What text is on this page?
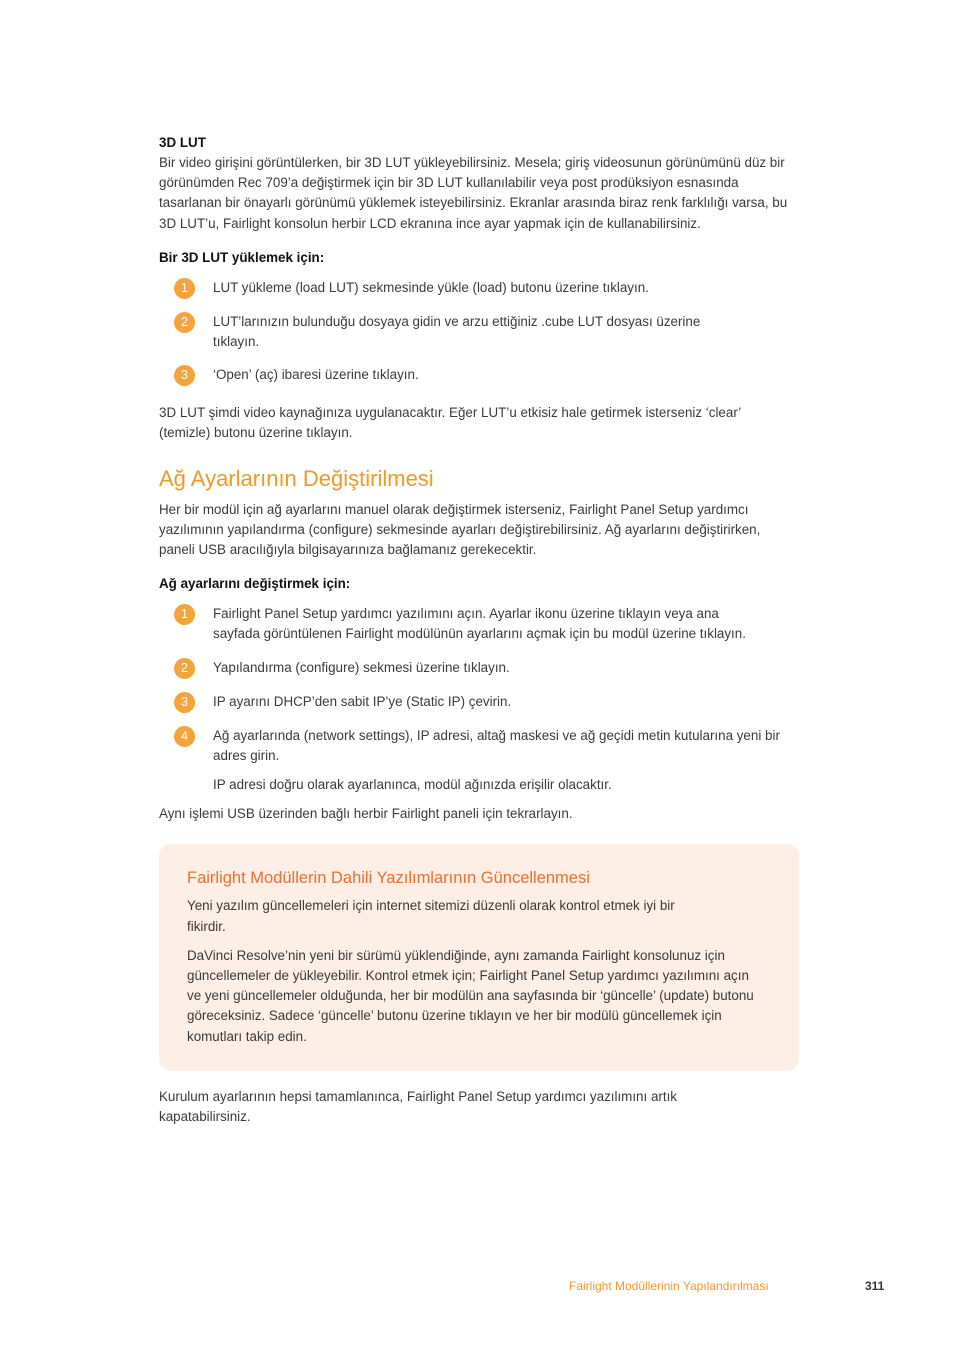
3D LUT

Bir video girişini görüntülerken, bir 3D LUT yükleyebilirsiniz. Mesela; giriş videosunun görünümünü düz bir görünümden Rec 709’a değiştirmek için bir 3D LUT kullanılabilir veya post prodüksiyon esnasında tasarlanan bir önayarlı görünümü yüklemek isteyebilirsiniz. Ekranlar arasında biraz renk farklılığı varsa, bu 3D LUT’u, Fairlight konsolun herbir LCD ekranına ince ayar yapmak için de kullanabilirsiniz.

Bir 3D LUT yüklemek için:
1	LUT yükleme (load LUT) sekmesinde yükle (load) butonu üzerine tıklayın.
2	LUT’larınızın bulunduğu dosyaya gidin ve arzu ettiğiniz .cube LUT dosyası üzerine tıklayın.
3	‘Open’ (aç) ibaresi üzerine tıklayın.

3D LUT şimdi video kaynağınıza uygulanacaktır. Eğer LUT’u etkisiz hale getirmek isterseniz ‘clear’ (temizle) butonu üzerine tıklayın.

Ağ Ayarlarının Değiştirilmesi

Her bir modül için ağ ayarlarını manuel olarak değiştirmek isterseniz, Fairlight Panel Setup yardımcı yazılımının yapılandırma (configure) sekmesinde ayarları değiştirebilirsiniz. Ağ ayarlarını değiştirirken, paneli USB aracılığıyla bilgisayarınıza bağlamanız gerekecektir.

Ağ ayarlarını değiştirmek için:
1	Fairlight Panel Setup yardımcı yazılımını açın. Ayarlar ikonu üzerine tıklayın veya ana sayfada görüntülenen Fairlight modülünün ayarlarını açmak için bu modül üzerine tıklayın.
2	Yapılandırma (configure) sekmesi üzerine tıklayın.
3	IP ayarını DHCP’den sabit IP’ye (Static IP) çevirin.
4	Ağ ayarlarında (network settings), IP adresi, altağ maskesi ve ağ geçidi metin kutularına yeni bir adres girin.

IP adresi doğru olarak ayarlanınca, modül ağınızda erişilir olacaktır.

Aynı işlemi USB üzerinden bağlı herbir Fairlight paneli için tekrarlayın.

Fairlight Modüllerin Dahili Yazılımlarının Güncellenmesi

Yeni yazılım güncellemeleri için internet sitemizi düzenli olarak kontrol etmek iyi bir fikirdir.

DaVinci Resolve’nin yeni bir sürümü yüklendiğinde, aynı zamanda Fairlight konsolunuz için güncellemeler de yükleyebilir. Kontrol etmek için; Fairlight Panel Setup yardımcı yazılımını açın ve yeni güncellemeler olduğunda, her bir modülün ana sayfasında bir ‘güncelle’ (update) butonu göreceksiniz. Sadece ‘güncelle’ butonu üzerine tıklayın ve her bir modülü güncellemek için komutları takip edin.

Kurulum ayarlarının hepsi tamamlanınca, Fairlight Panel Setup yardımcı yazılımını artık kapatabilirsiniz.

Fairlight Modüllerinin Yapılandırılması	311
